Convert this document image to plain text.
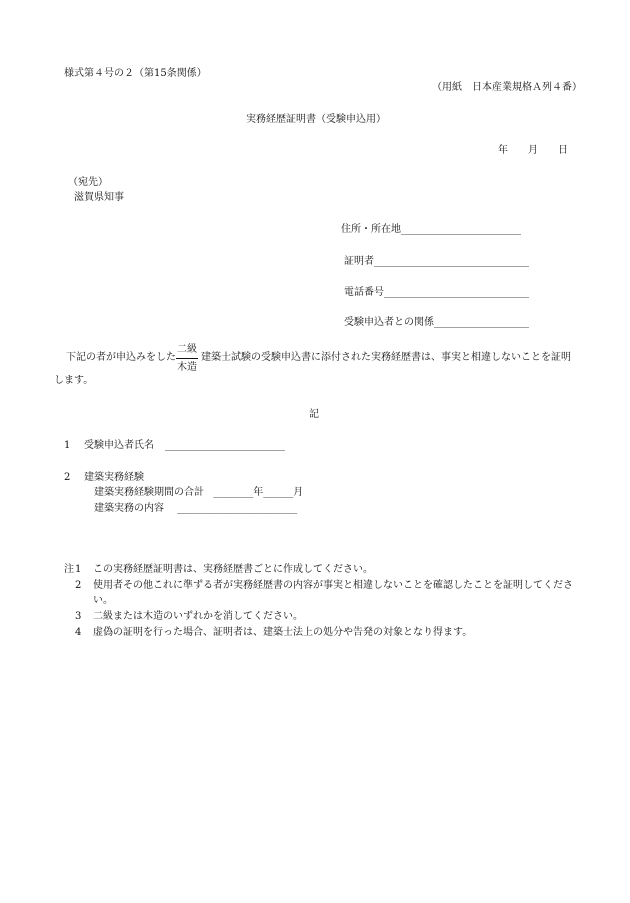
様式第４号の２（第15条関係）
（用紙　日本産業規格Ａ列４番）
実務経歴証明書（受験申込用）
年　　月　　日
（宛先）
滋賀県知事
住所・所在地________________________
証明者_______________________________
電話番号_____________________________
受験申込者との関係___________________
下記の者が申込みをした
二級
木造
建築士試験の受験申込書に添付された実務経歴書は、事実と相違しないことを証明
します。
記
1 受験申込者氏名 ________________________
2 建築実務経験
建築実務経験期間の合計 ________年______月
建築実務の内容 ________________________
注 1 この実務経歴証明書は、実務経歴書ごとに作成してください。
2 使用者その他これに準ずる者が実務経歴書の内容が事実と相違しないことを確認したことを証明してくださ
い。
3 二級または木造のいずれかを消してください。
4 虚偽の証明を行った場合、証明者は、建築士法上の処分や告発の対象となり得ます。
